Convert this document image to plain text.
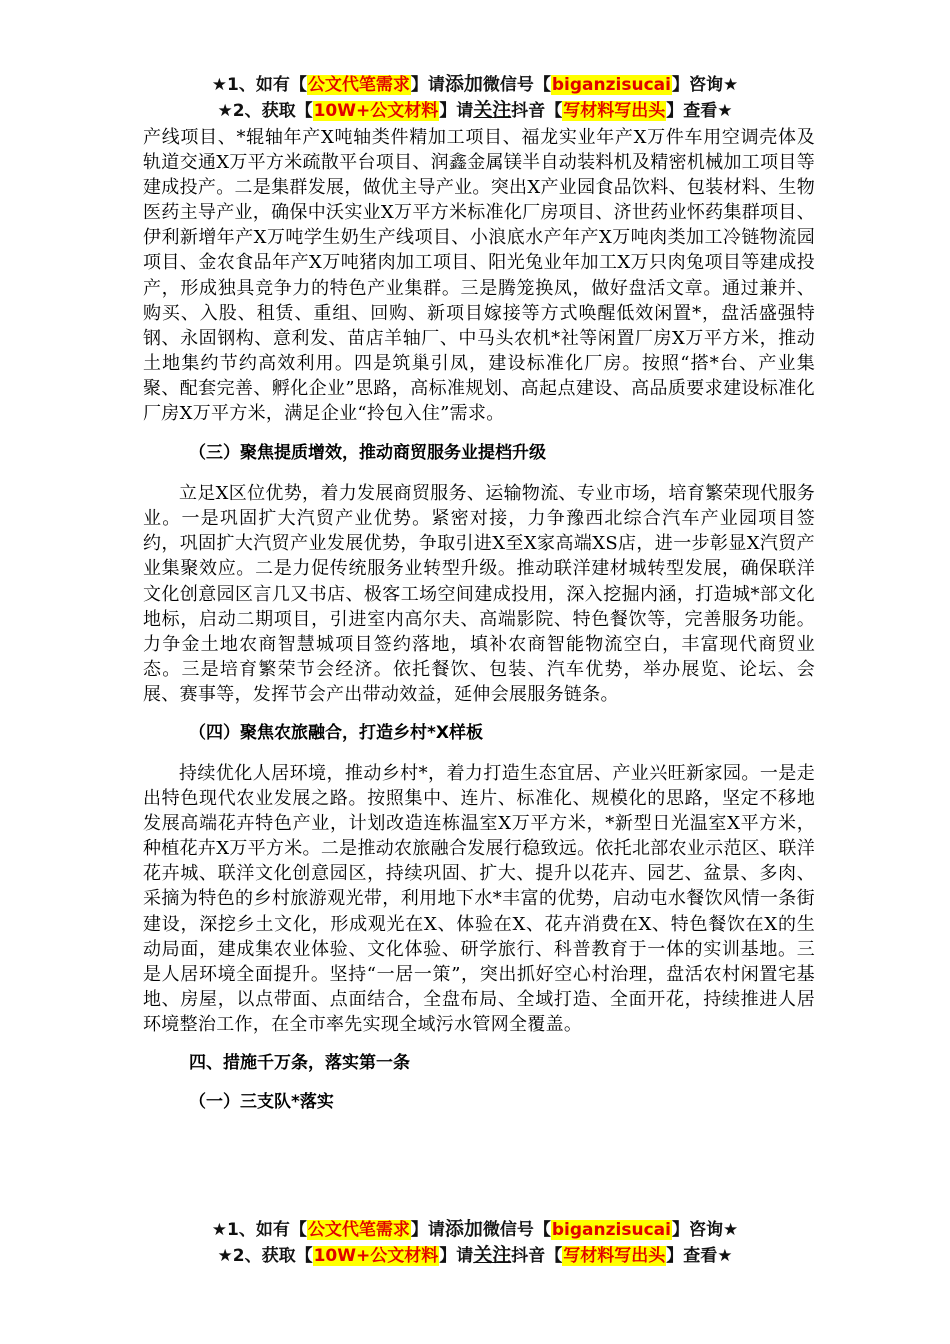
★1、如有【公文代笔需求】请添加微信号【biganzisucai】咨询★
★2、获取【10W+公文材料】请关注抖音【写材料写出头】查看★

产线项目、*辊轴年产X吨轴类件精加工项目、福龙实业年产X万件车用空调壳体及轨道交通X万平方米疏散平台项目、润鑫金属镁半自动装料机及精密机械加工项目等建成投产。二是集群发展，做优主导产业。突出X产业园食品饮料、包装材料、生物医药主导产业，确保中沃实业X万平方米标准化厂房项目、济世药业怀药集群项目、伊利新增年产X万吨学生奶生产线项目、小浪底水产年产X万吨肉类加工冷链物流园项目、金农食品年产X万吨猪肉加工项目、阳光兔业年加工X万只肉兔项目等建成投产，形成独具竞争力的特色产业集群。三是腾笼换凤，做好盘活文章。通过兼并、购买、入股、租赁、重组、回购、新项目嫁接等方式唤醒低效闲置*，盘活盛强特钢、永固钢构、意利发、苗店羊轴厂、中马头农机*社等闲置厂房X万平方米，推动土地集约节约高效利用。四是筑巢引凤，建设标准化厂房。按照“搭*台、产业集聚、配套完善、孵化企业”思路，高标准规划、高起点建设、高品质要求建设标准化厂房X万平方米，满足企业“拎包入住”需求。

（三）聚焦提质增效，推动商贸服务业提档升级

立足X区位优势，着力发展商贸服务、运输物流、专业市场，培育繁荣现代服务业。一是巩固扩大汽贸产业优势。紧密对接，力争豫西北综合汽车产业园项目签约，巩固扩大汽贸产业发展优势，争取引进X至X家高端XS店，进一步彰显X汽贸产业集聚效应。二是力促传统服务业转型升级。推动联洋建材城转型发展，确保联洋文化创意园区言几又书店、极客工场空间建成投用，深入挖掘内涵，打造城*部文化地标，启动二期项目，引进室内高尔夫、高端影院、特色餐饮等，完善服务功能。力争金土地农商智慧城项目签约落地，填补农商智能物流空白，丰富现代商贸业态。三是培育繁荣节会经济。依托餐饮、包装、汽车优势，举办展览、论坛、会展、赛事等，发挥节会产出带动效益，延伸会展服务链条。

（四）聚焦农旅融合，打造乡村*X样板

持续优化人居环境，推动乡村*，着力打造生态宜居、产业兴旺新家园。一是走出特色现代农业发展之路。按照集中、连片、标准化、规模化的思路，坚定不移地发展高端花卉特色产业，计划改造连栋温室X万平方米，*新型日光温室X平方米，种植花卉X万平方米。二是推动农旅融合发展行稳致远。依托北部农业示范区、联洋花卉城、联洋文化创意园区，持续巩固、扩大、提升以花卉、园艺、盆景、多肉、采摘为特色的乡村旅游观光带，利用地下水*丰富的优势，启动屯水餐饮风情一条街建设，深挖乡土文化，形成观光在X、体验在X、花卉消费在X、特色餐饮在X的生动局面，建成集农业体验、文化体验、研学旅行、科普教育于一体的实训基地。三是人居环境全面提升。坚持“一居一策”，突出抓好空心村治理，盘活农村闲置宅基地、房屋，以点带面、点面结合，全盘布局、全域打造、全面开花，持续推进人居环境整治工作，在全市率先实现全域污水管网全覆盖。

四、措施千万条，落实第一条
（一）三支队*落实
★1、如有【公文代笔需求】请添加微信号【biganzisucai】咨询★
★2、获取【10W+公文材料】请关注抖音【写材料写出头】查看★
